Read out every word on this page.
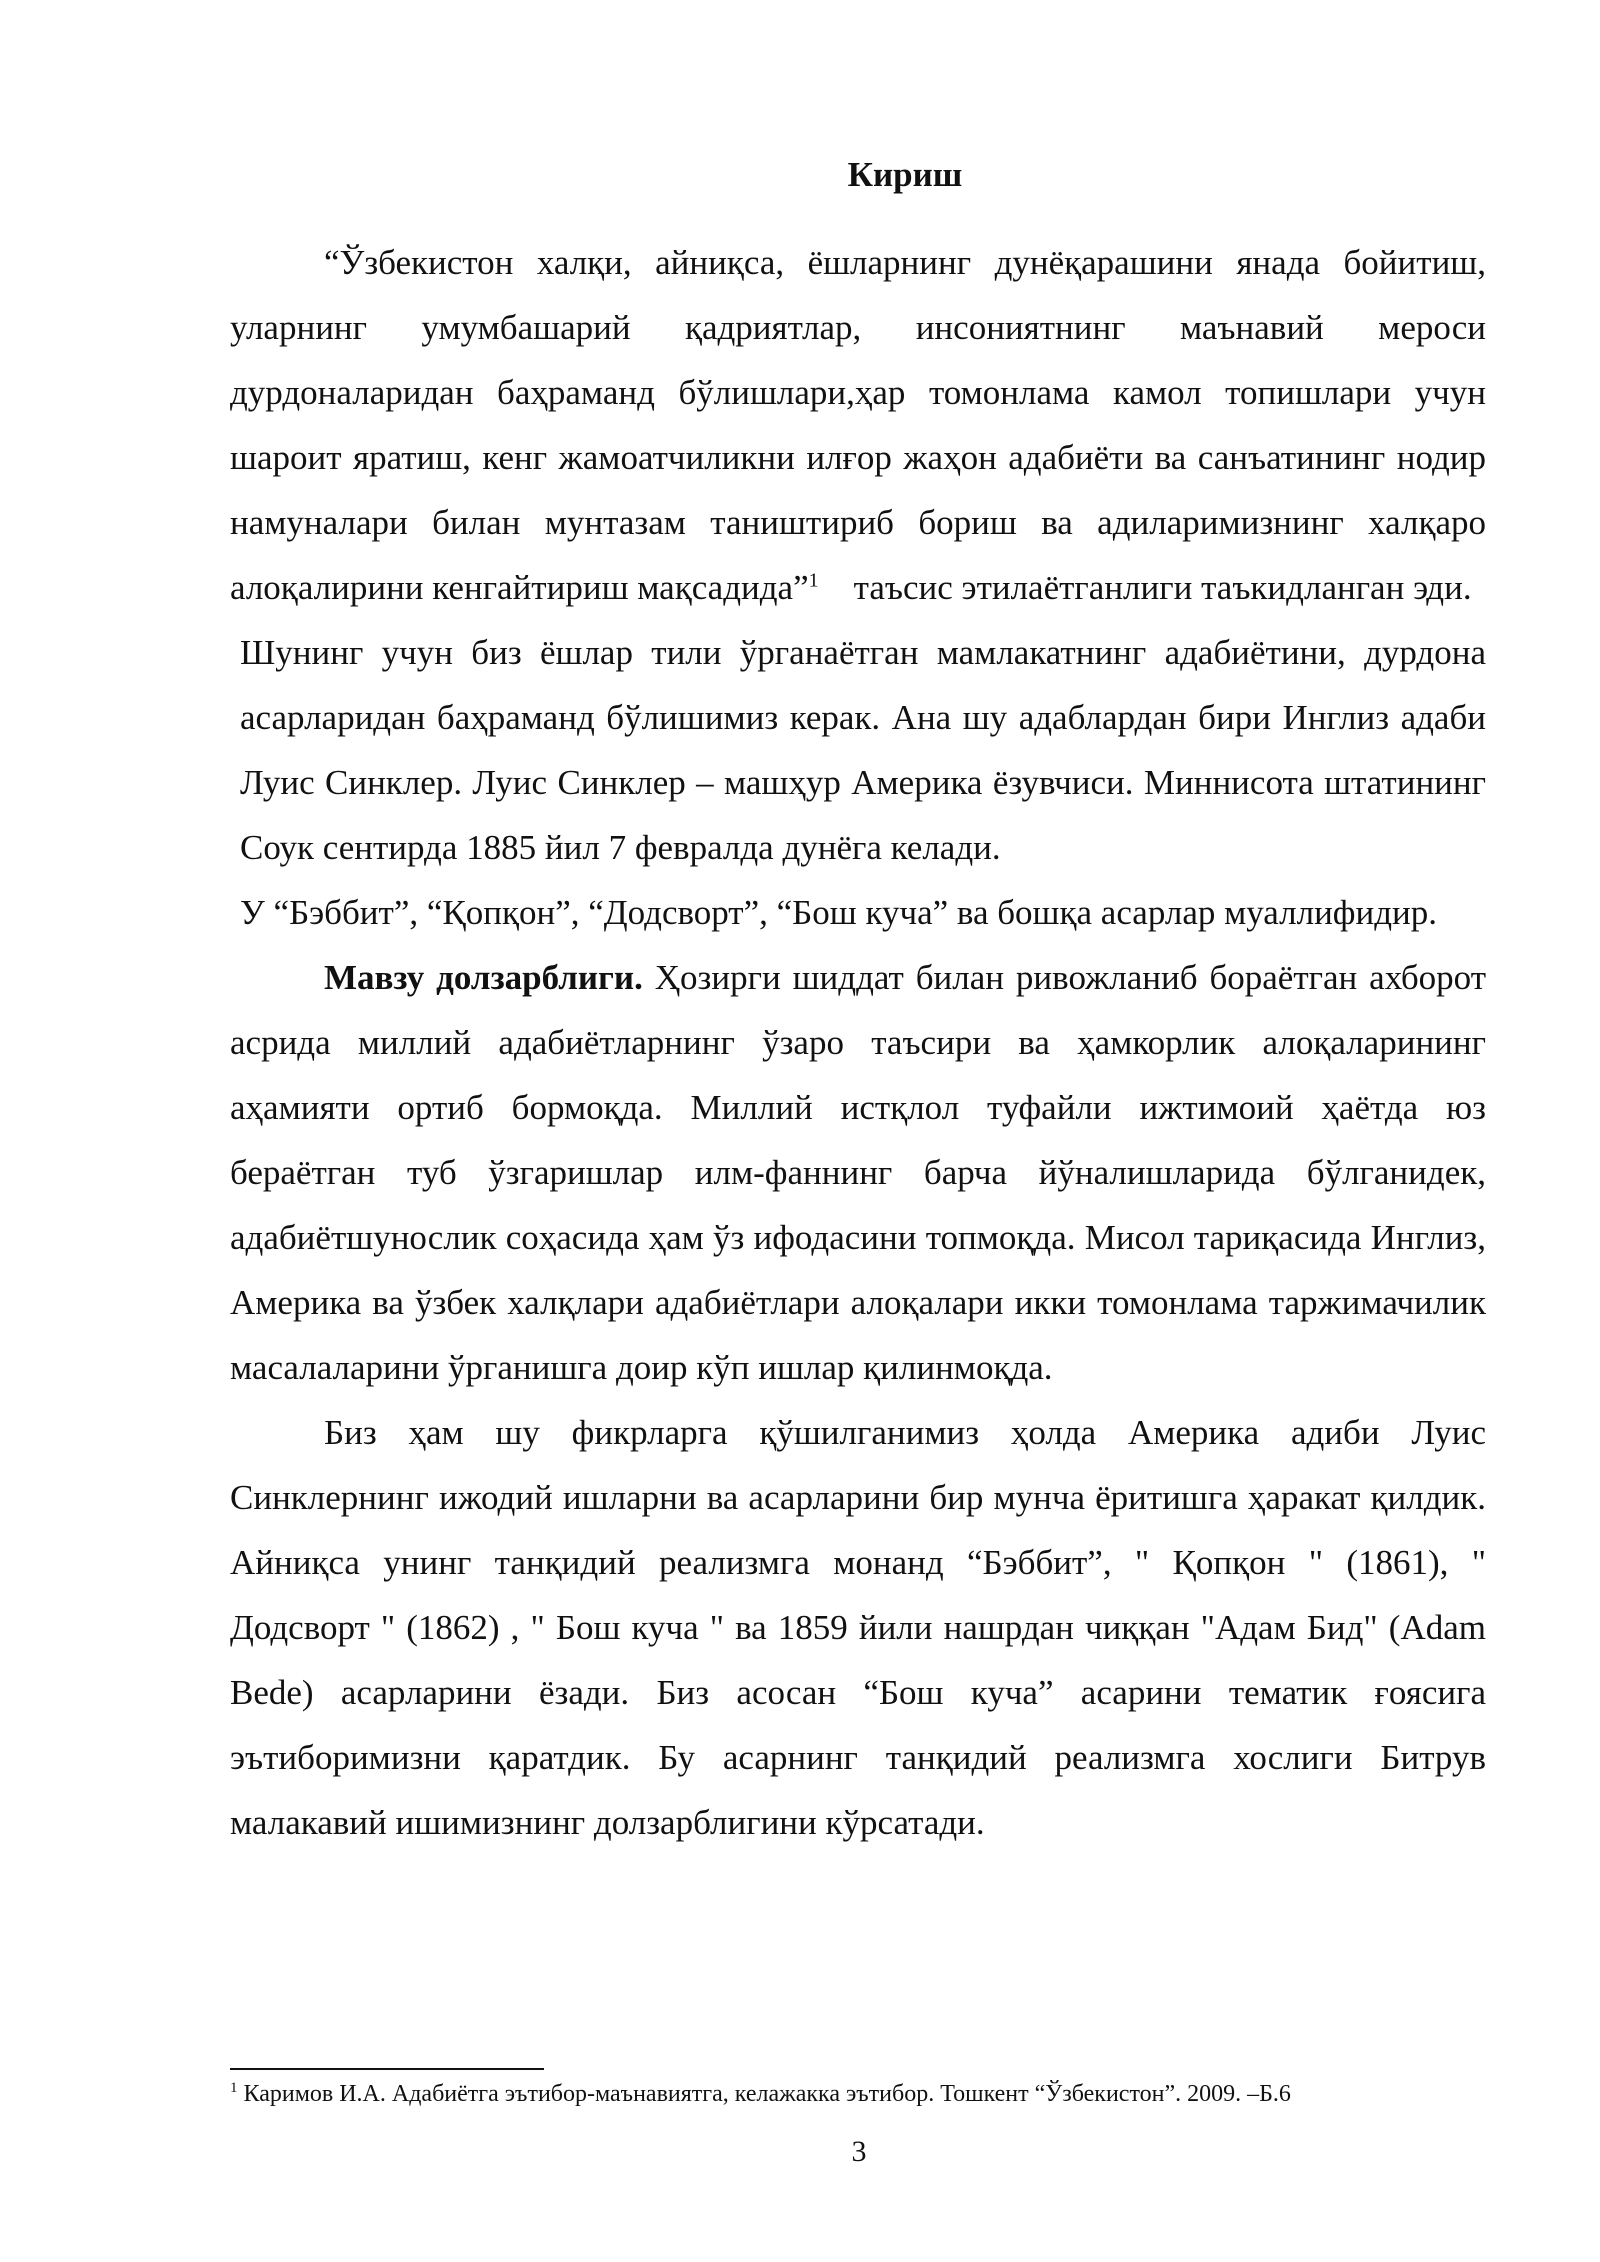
Кириш

“Ўзбекистон халқи, айниқса, ёшларнинг дунёқарашини янада бойитиш, уларнинг умумбашарий қадриятлар, инсониятнинг маънавий мероси дурдоналаридан баҳраманд бўлишлари,ҳар томонлама камол топишлари учун шароит яратиш, кенг жамоатчиликни илғор жаҳон адабиёти ва санъатининг нодир намуналари билан мунтазам таништириб бориш ва адиларимизнинг халқаро алоқалирини кенгайтириш мақсадида”$^1$ таъсис этилаётганлиги таъкидланган эди.

Шунинг учун биз ёшлар тили ўрганаётган мамлакатнинг адабиётини, дурдона асарларидан баҳраманд бўлишимиз керак. Ана шу адаблардан бири Инглиз адаби Луис Синклер. Луис Синклер – машҳур Америка ёзувчиси. Миннисота штатининг Соук сентирда 1885 йил 7 февралда дунёга келади.

У “Бэббит”, “Қопқон”, “Додсворт”, “Бош куча” ва бошқа асарлар муаллифидир.

Мавзу долзарблиги. Ҳозирги шиддат билан ривожланиб бораётган ахборот асрида миллий адабиётларнинг ўзаро таъсири ва ҳамкорлик алоқаларининг аҳамияти ортиб бормоқда. Миллий истқлол туфайли ижтимоий ҳаётда юз бераётган туб ўзгаришлар илм-фаннинг барча йўналишларида бўлганидек, адабиётшунослик соҳасида ҳам ўз ифодасини топмоқда. Мисол тариқасида Инглиз, Америка ва ўзбек халқлари адабиётлари алоқалари икки томонлама таржимачилик масалаларини ўрганишга доир кўп ишлар қилинмоқда.

Биз ҳам шу фикрларга қўшилганимиз ҳолда Америка адиби Луис Синклернинг ижодий ишларни ва асарларини бир мунча ёритишга ҳаракат қилдик. Айниқса унинг танқидий реализмга монанд “Бэббит”, " Қопқон " (1861), " Додсворт " (1862) , " Бош куча " ва 1859 йили нашрдан чиққан "Адам Бид" (Adam Bede) асарларини ёзади. Биз асосан “Бош куча” асарини тематик ғоясига эътиборимизни қаратдик. Бу асарнинг танқидий реализмга хослиги Битрув малакавий ишимизнинг долзарблигини кўрсатади.

$^1$ Каримов И.А. Адабиётга эътибор-маънавиятга, келажакка эътибор. Тошкент “Ўзбекистон”. 2009. –Б.6
3
